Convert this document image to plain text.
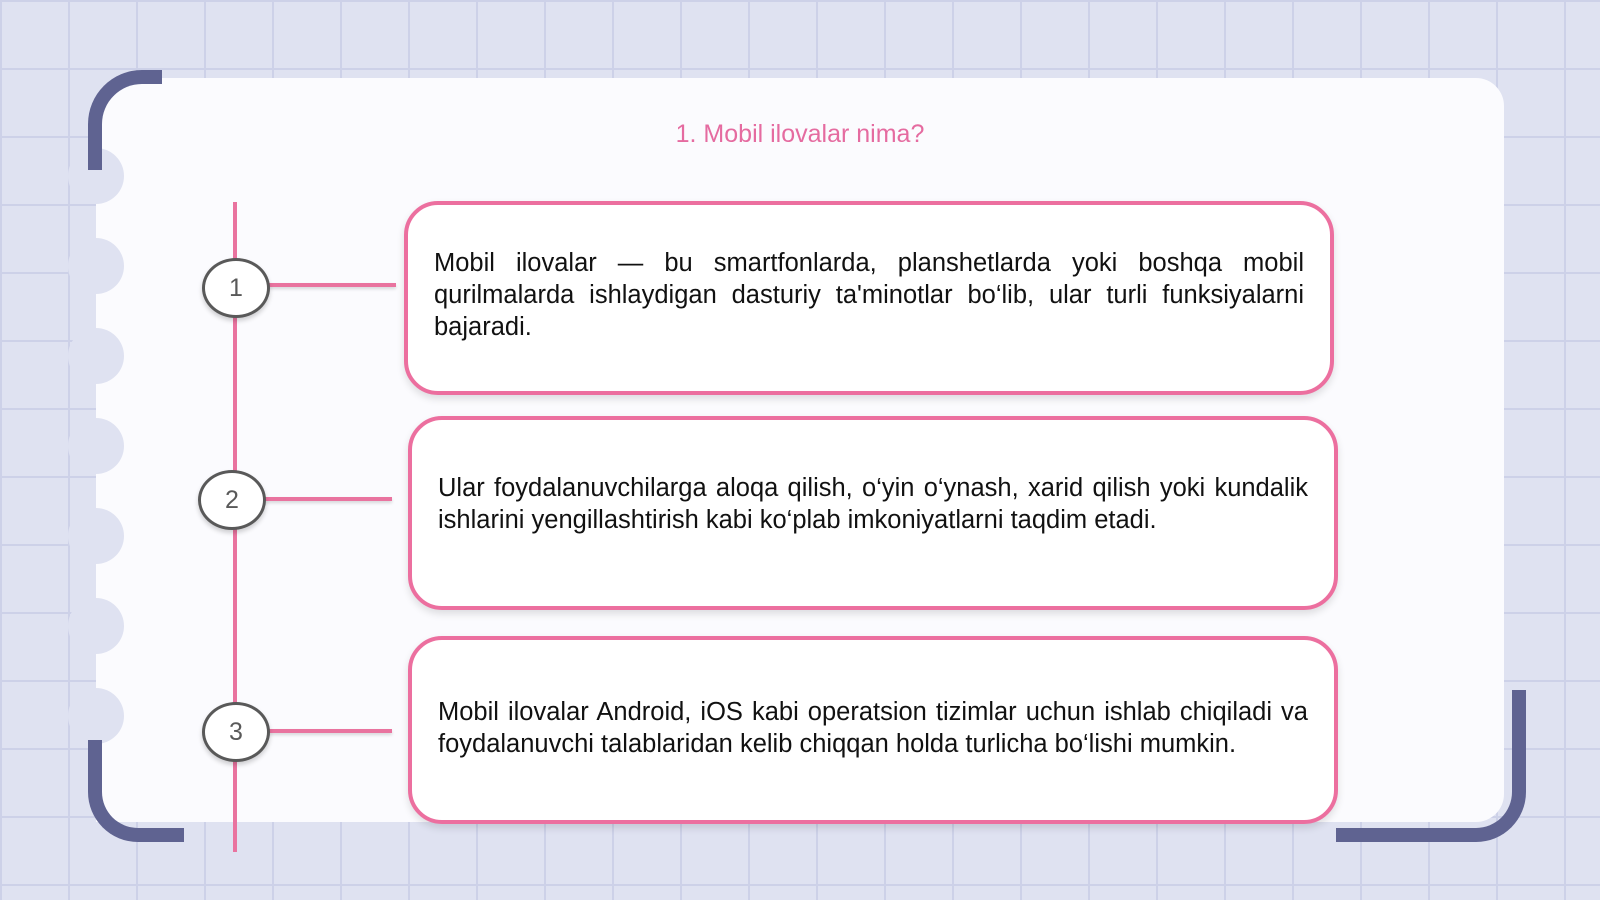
1. Mobil ilovalar nima?
1

Mobil ilovalar — bu smartfonlarda, planshetlarda yoki boshqa mobil qurilmalarda ishlaydigan dasturiy ta'minotlar bo‘lib, ular turli funksiyalarni bajaradi.

2	Ular foydalanuvchilarga aloqa qilish, o‘yin o‘ynash, xarid qilish yoki kundalik ishlarini yengillashtirish kabi ko‘plab imkoniyatlarni taqdim etadi.

3

Mobil ilovalar Android, iOS kabi operatsion tizimlar uchun ishlab chiqiladi va foydalanuvchi talablaridan kelib chiqqan holda turlicha bo‘lishi mumkin.
